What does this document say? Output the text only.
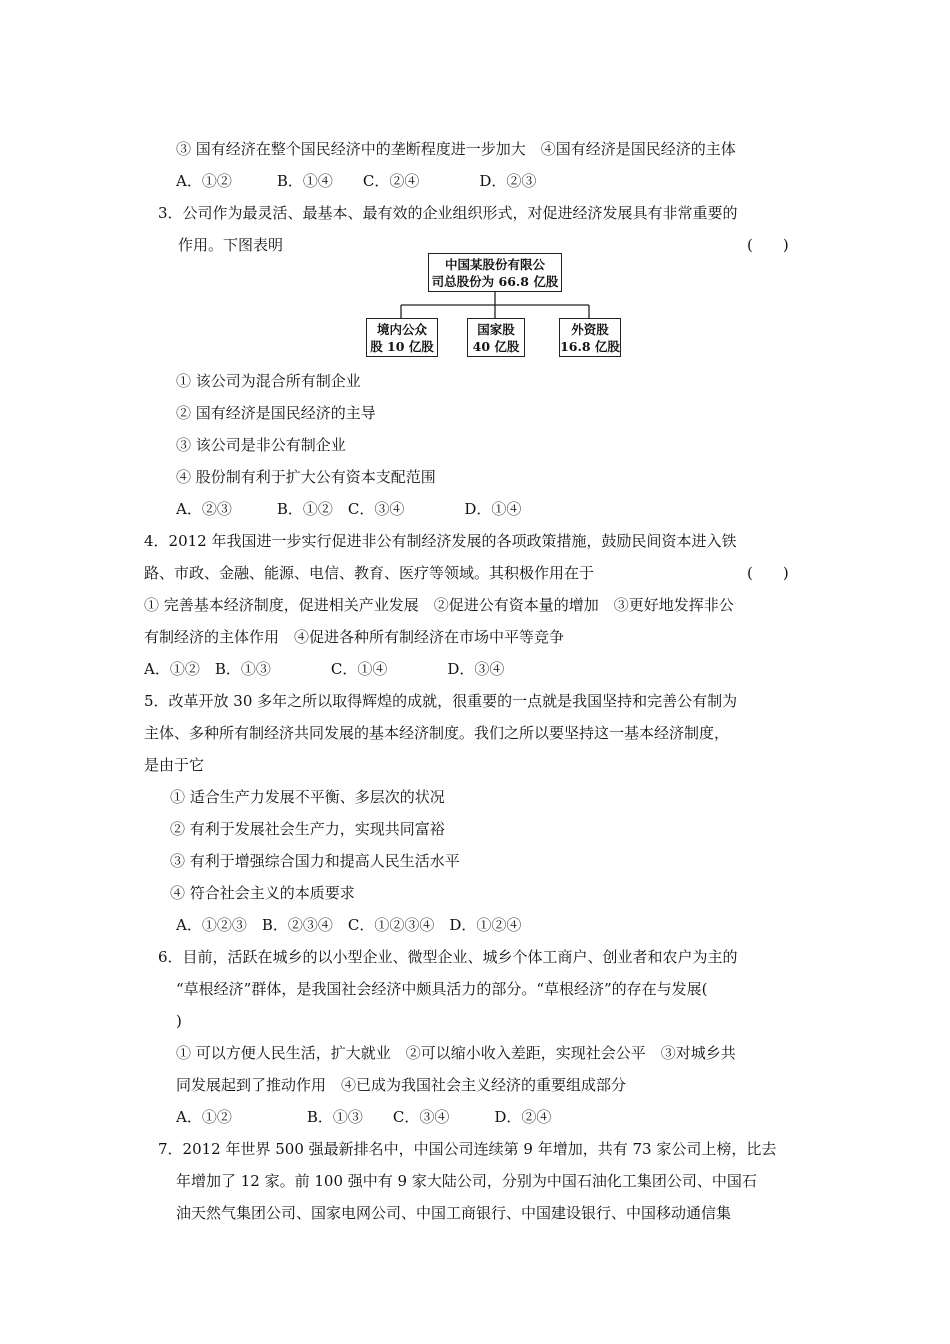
③ 国有经济在整个国民经济中的垄断程度进一步加大　④国有经济是国民经济的主体
A．①②　　　B．①④　　C．②④　　　　D．②③
3．公司作为最灵活、最基本、最有效的企业组织形式，对促进经济发展具有非常重要的
作用。下图表明	(　　)
中国某股份有限公
司总股份为 66.8 亿股
境内公众
股 10 亿股
国家股
40 亿股
外资股
16.8 亿股
① 该公司为混合所有制企业
② 国有经济是国民经济的主导
③ 该公司是非公有制企业
④ 股份制有利于扩大公有资本支配范围
A．②③　　　B．①②　C．③④　　　　D．①④
4．2012 年我国进一步实行促进非公有制经济发展的各项政策措施，鼓励民间资本进入铁
路、市政、金融、能源、电信、教育、医疗等领域。其积极作用在于	(　　)
① 完善基本经济制度，促进相关产业发展　②促进公有资本量的增加　③更好地发挥非公
有制经济的主体作用　④促进各种所有制经济在市场中平等竞争
A．①②　B．①③　　　　C．①④　　　　D．③④
5．改革开放 30 多年之所以取得辉煌的成就，很重要的一点就是我国坚持和完善公有制为
主体、多种所有制经济共同发展的基本经济制度。我们之所以要坚持这一基本经济制度，
是由于它
① 适合生产力发展不平衡、多层次的状况
② 有利于发展社会生产力，实现共同富裕
③ 有利于增强综合国力和提高人民生活水平
④ 符合社会主义的本质要求
A．①②③　B．②③④　C．①②③④　D．①②④
6．目前，活跃在城乡的以小型企业、微型企业、城乡个体工商户、创业者和农户为主的
“草根经济”群体，是我国社会经济中颇具活力的部分。“草根经济”的存在与发展(
)
① 可以方便人民生活，扩大就业　②可以缩小收入差距，实现社会公平　③对城乡共
同发展起到了推动作用　④已成为我国社会主义经济的重要组成部分
A．①②　　　　　B．①③　　C．③④　　　D．②④
7．2012 年世界 500 强最新排名中，中国公司连续第 9 年增加，共有 73 家公司上榜，比去
年增加了 12 家。前 100 强中有 9 家大陆公司，分别为中国石油化工集团公司、中国石
油天然气集团公司、国家电网公司、中国工商银行、中国建设银行、中国移动通信集
